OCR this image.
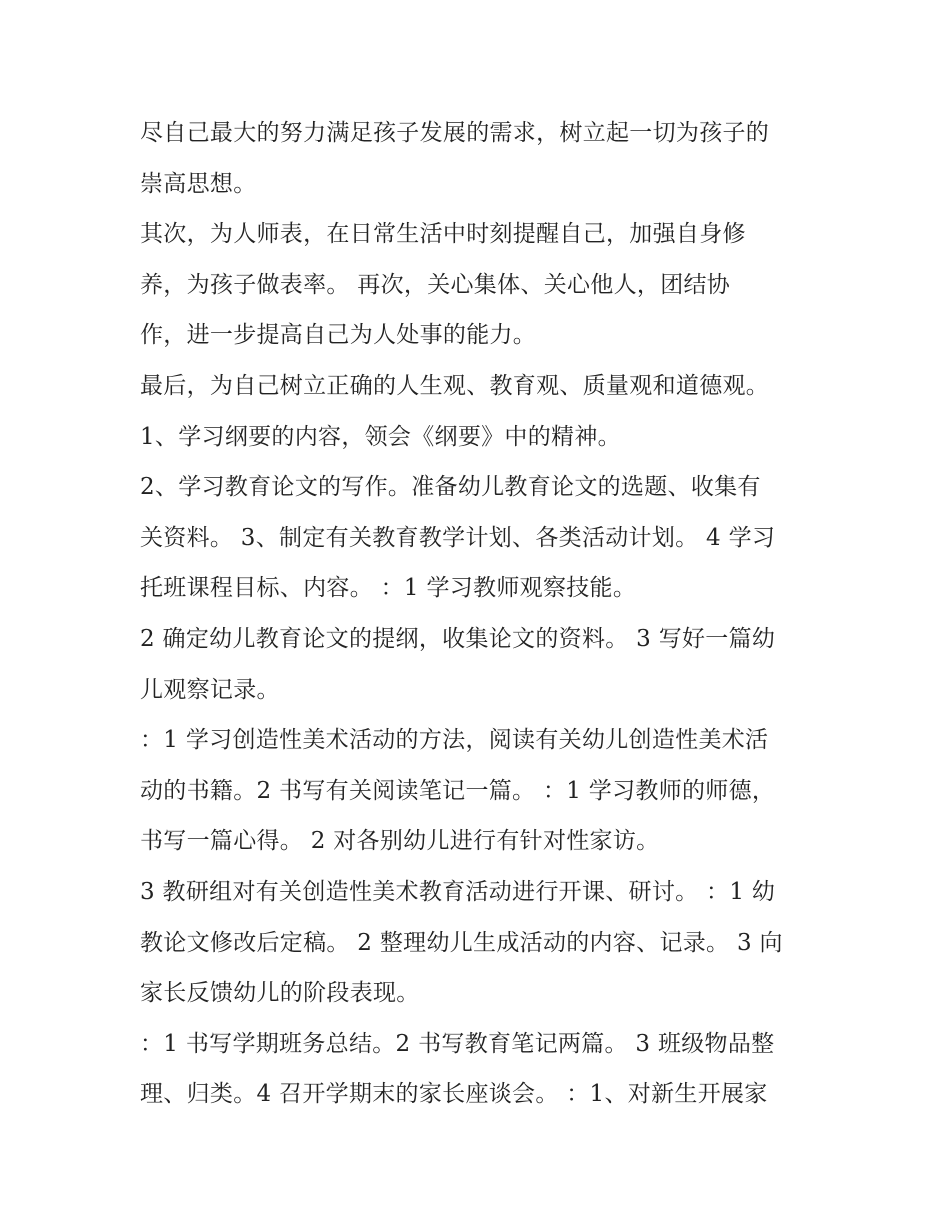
尽自己最大的努力满足孩子发展的需求，树立起一切为孩子的
崇高思想。
其次，为人师表，在日常生活中时刻提醒自己，加强自身修
养，为孩子做表率。 再次，关心集体、关心他人，团结协
作，进一步提高自己为人处事的能力。
最后，为自己树立正确的人生观、教育观、质量观和道德观。
1、学习纲要的内容，领会《纲要》中的精神。
2、学习教育论文的写作。准备幼儿教育论文的选题、收集有
关资料。 3、制定有关教育教学计划、各类活动计划。 4 学习
托班课程目标、内容。 ：1 学习教师观察技能。
2 确定幼儿教育论文的提纲，收集论文的资料。 3 写好一篇幼
儿观察记录。
：1 学习创造性美术活动的方法，阅读有关幼儿创造性美术活
动的书籍。2 书写有关阅读笔记一篇。 ：1 学习教师的师德，
书写一篇心得。 2 对各别幼儿进行有针对性家访。
3 教研组对有关创造性美术教育活动进行开课、研讨。 ：1 幼
教论文修改后定稿。 2 整理幼儿生成活动的内容、记录。 3 向
家长反馈幼儿的阶段表现。
：1 书写学期班务总结。2 书写教育笔记两篇。 3 班级物品整
理、归类。4 召开学期末的家长座谈会。 ：1、对新生开展家
